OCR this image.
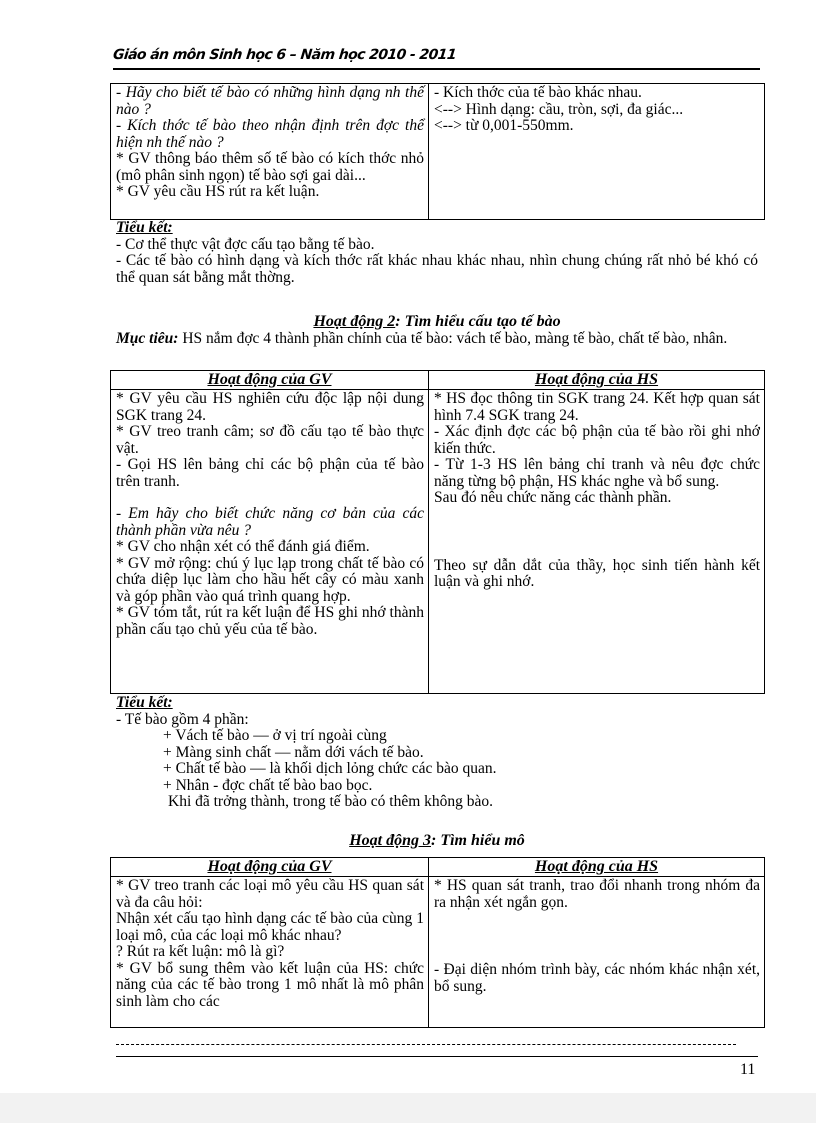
Giáo án môn Sinh học 6 – Năm học 2010 - 2011

- Hãy cho biết tế bào có những hình dạng nh thế nào ?

- Kích thớc tế bào theo nhận định trên đợc thể hiện nh thế nào ?

* GV thông báo thêm số tế bào có kích thớc nhỏ (mô phân sinh ngọn) tế bào sợi gai dài...

* GV yêu cầu HS rút ra kết luận.

- Kích thớc của tế bào khác nhau.

<--> Hình dạng: cầu, tròn, sợi, đa giác...

<--> từ 0,001-550mm.

Tiểu kết:

- Cơ thể thực vật đợc cấu tạo bằng tế bào.

- Các tế bào có hình dạng và kích thớc rất khác nhau khác nhau, nhìn chung chúng rất nhỏ bé khó có thể quan sát bằng mắt thờng.

Hoạt động 2: Tìm hiểu cấu tạo tế bào

Mục tiêu: HS nắm đợc 4 thành phần chính của tế bào: vách tế bào, màng tế bào, chất tế bào, nhân.

Hoạt động của GV	Hoạt động của HS

* GV yêu cầu HS nghiên cứu độc lập nội dung SGK trang 24.

* GV treo tranh câm; sơ đồ cấu tạo tế bào thực vật.

- Gọi HS lên bảng chỉ các bộ phận của tế bào trên tranh.

- Em hãy cho biết chức năng cơ bản của các thành phần vừa nêu ?

* GV cho nhận xét có thể đánh giá điểm.

* GV mở rộng: chú ý lục lạp trong chất tế bào có chứa diệp lục làm cho hầu hết cây có màu xanh và góp phần vào quá trình quang hợp.

* GV tóm tắt, rút ra kết luận để HS ghi nhớ thành phần cấu tạo chủ yếu của tế bào.

* HS đọc thông tin SGK trang 24. Kết hợp quan sát hình 7.4 SGK trang 24.

- Xác định đợc các bộ phận của tế bào rồi ghi nhớ kiến thức.

- Từ 1-3 HS lên bảng chỉ tranh và nêu đợc chức năng từng bộ phận, HS khác nghe và bổ sung.

Sau đó nêu chức năng các thành phần.

Theo sự dẫn dắt của thầy, học sinh tiến hành kết luận và ghi nhớ.

Tiểu kết:

- Tế bào gồm 4 phần:

+ Vách tế bào — ở vị trí ngoài cùng

+ Màng sinh chất — nằm dới vách tế bào.

+ Chất tế bào — là khối dịch lỏng chức các bào quan.

+ Nhân - đợc chất tế bào bao bọc.

Khi đã trởng thành, trong tế bào có thêm không bào.

Hoạt động 3: Tìm hiểu mô
Hoạt động của GV	Hoạt động của HS

* GV treo tranh các loại mô yêu cầu HS quan sát và đa câu hỏi:

Nhận xét cấu tạo hình dạng các tế bào của cùng 1 loại mô, của các loại mô khác nhau?

? Rút ra kết luận: mô là gì?

* GV bổ sung thêm vào kết luận của HS: chức năng của các tế bào trong 1 mô nhất là mô phân sinh làm cho các

* HS quan sát tranh, trao đổi nhanh trong nhóm đa ra nhận xét ngắn gọn.

- Đại diện nhóm trình bày, các nhóm khác nhận xét, bổ sung.

11
